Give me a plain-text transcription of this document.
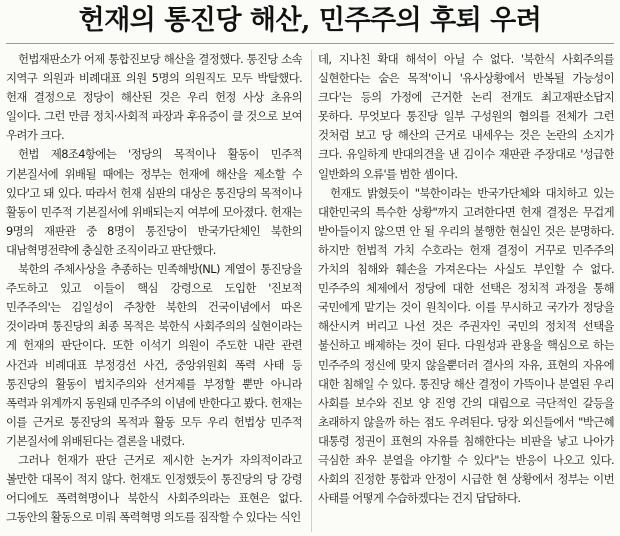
헌재의 통진당 해산, 민주주의 후퇴 우려

헌법재판소가 어제 통합진보당 해산을 결정했다. 통진당 소속 지역구 의원과 비례대표 의원 5명의 의원직도 모두 박탈했다. 헌재 결정으로 정당이 해산된 것은 우리 헌정 사상 초유의 일이다. 그런 만큼 정치·사회적 파장과 후유증이 클 것으로 보여 우려가 크다.

헌법 제8조4항에는 '정당의 목적이나 활동이 민주적 기본질서에 위배될 때에는 정부는 헌재에 해산을 제소할 수 있다'고 돼 있다. 따라서 헌재 심판의 대상은 통진당의 목적이나 활동이 민주적 기본질서에 위배되는지 여부에 모아졌다. 헌재는 9명의 재판관 중 8명이 통진당이 반국가단체인 북한의 대남혁명전략에 충실한 조직이라고 판단했다.

북한의 주체사상을 추종하는 민족해방(NL) 계열이 통진당을 주도하고 있고 이들이 핵심 강령으로 도입한 '진보적 민주주의'는 김일성이 주창한 북한의 건국이념에서 따온 것이라며 통진당의 최종 목적은 북한식 사회주의의 실현이라는 게 헌재의 판단이다. 또한 이석기 의원이 주도한 내란 관련 사건과 비례대표 부정경선 사건, 중앙위원회 폭력 사태 등 통진당의 활동이 법치주의와 선거제를 부정할 뿐만 아니라 폭력과 위계까지 동원돼 민주주의 이념에 반한다고 봤다. 헌재는 이를 근거로 통진당의 목적과 활동 모두 우리 헌법상 민주적 기본질서에 위배된다는 결론을 내렸다.

그러나 헌재가 판단 근거로 제시한 논거가 자의적이라고 볼만한 대목이 적지 않다. 헌재도 인정했듯이 통진당의 당 강령 어디에도 폭력혁명이나 북한식 사회주의라는 표현은 없다. 그동안의 활동으로 미뤄 폭력혁명 의도를 짐작할 수 있다는 식인

데, 지나친 확대 해석이 아닐 수 없다. '북한식 사회주의를 실현한다는 숨은 목적'이니 '유사상황에서 반복될 가능성이 크다'는 등의 가정에 근거한 논리 전개도 최고재판소답지 못하다. 무엇보다 통진당 일부 구성원의 혐의를 전체가 그런 것처럼 보고 당 해산의 근거로 내세우는 것은 논란의 소지가 크다. 유일하게 반대의견을 낸 김이수 재판관 주장대로 '성급한 일반화의 오류'를 범한 셈이다.

헌재도 밝혔듯이 "북한이라는 반국가단체와 대치하고 있는 대한민국의 특수한 상황"까지 고려한다면 헌재 결정은 무겁게 받아들이지 않으면 안 될 우리의 불행한 현실인 것은 분명하다. 하지만 헌법적 가치 수호라는 헌재 결정이 거꾸로 민주주의 가치의 침해와 훼손을 가져온다는 사실도 부인할 수 없다. 민주주의 체제에서 정당에 대한 선택은 정치적 과정을 통해 국민에게 맡기는 것이 원칙이다. 이를 무시하고 국가가 정당을 해산시켜 버리고 나선 것은 주권자인 국민의 정치적 선택을 불신하고 배제하는 것이 된다. 다원성과 관용을 핵심으로 하는 민주주의 정신에 맞지 않을뿐더러 결사의 자유, 표현의 자유에 대한 침해일 수 있다. 통진당 해산 결정이 가뜩이나 분열된 우리 사회를 보수와 진보 양 진영 간의 대립으로 극단적인 갈등을 초래하지 않을까 하는 점도 우려된다. 당장 외신들에서 "박근혜 대통령 정권이 표현의 자유를 침해한다는 비판을 낳고 나아가 극심한 좌우 분열을 야기할 수 있다"는 반응이 나오고 있다. 사회의 진정한 통합과 안정이 시급한 현 상황에서 정부는 이번 사태를 어떻게 수습하겠다는 건지 답답하다.
